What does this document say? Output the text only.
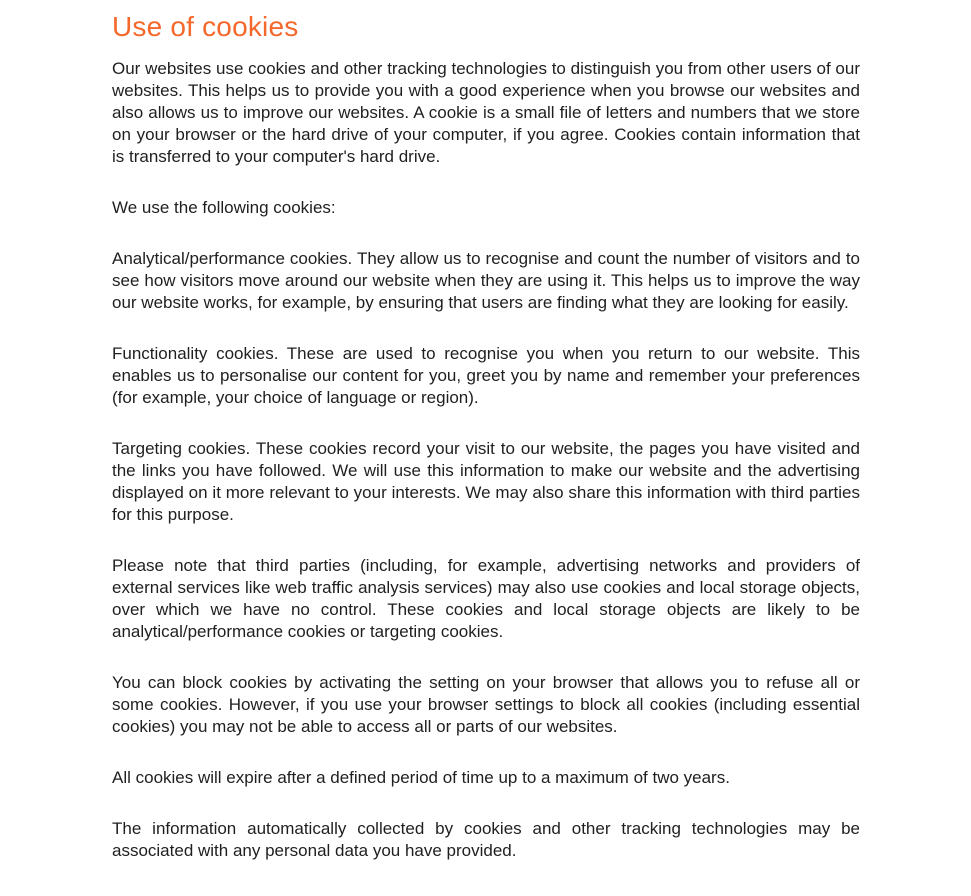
Use of cookies

Our websites use cookies and other tracking technologies to distinguish you from other users of our websites. This helps us to provide you with a good experience when you browse our websites and also allows us to improve our websites. A cookie is a small file of letters and numbers that we store on your browser or the hard drive of your computer, if you agree. Cookies contain information that is transferred to your computer's hard drive.

We use the following cookies:

Analytical/performance cookies. They allow us to recognise and count the number of visitors and to see how visitors move around our website when they are using it. This helps us to improve the way our website works, for example, by ensuring that users are finding what they are looking for easily.

Functionality cookies. These are used to recognise you when you return to our website. This enables us to personalise our content for you, greet you by name and remember your preferences (for example, your choice of language or region).

Targeting cookies. These cookies record your visit to our website, the pages you have visited and the links you have followed. We will use this information to make our website and the advertising displayed on it more relevant to your interests. We may also share this information with third parties for this purpose.

Please note that third parties (including, for example, advertising networks and providers of external services like web traffic analysis services) may also use cookies and local storage objects, over which we have no control. These cookies and local storage objects are likely to be analytical/performance cookies or targeting cookies.

You can block cookies by activating the setting on your browser that allows you to refuse all or some cookies. However, if you use your browser settings to block all cookies (including essential cookies) you may not be able to access all or parts of our websites.

All cookies will expire after a defined period of time up to a maximum of two years.

The information automatically collected by cookies and other tracking technologies may be associated with any personal data you have provided.
